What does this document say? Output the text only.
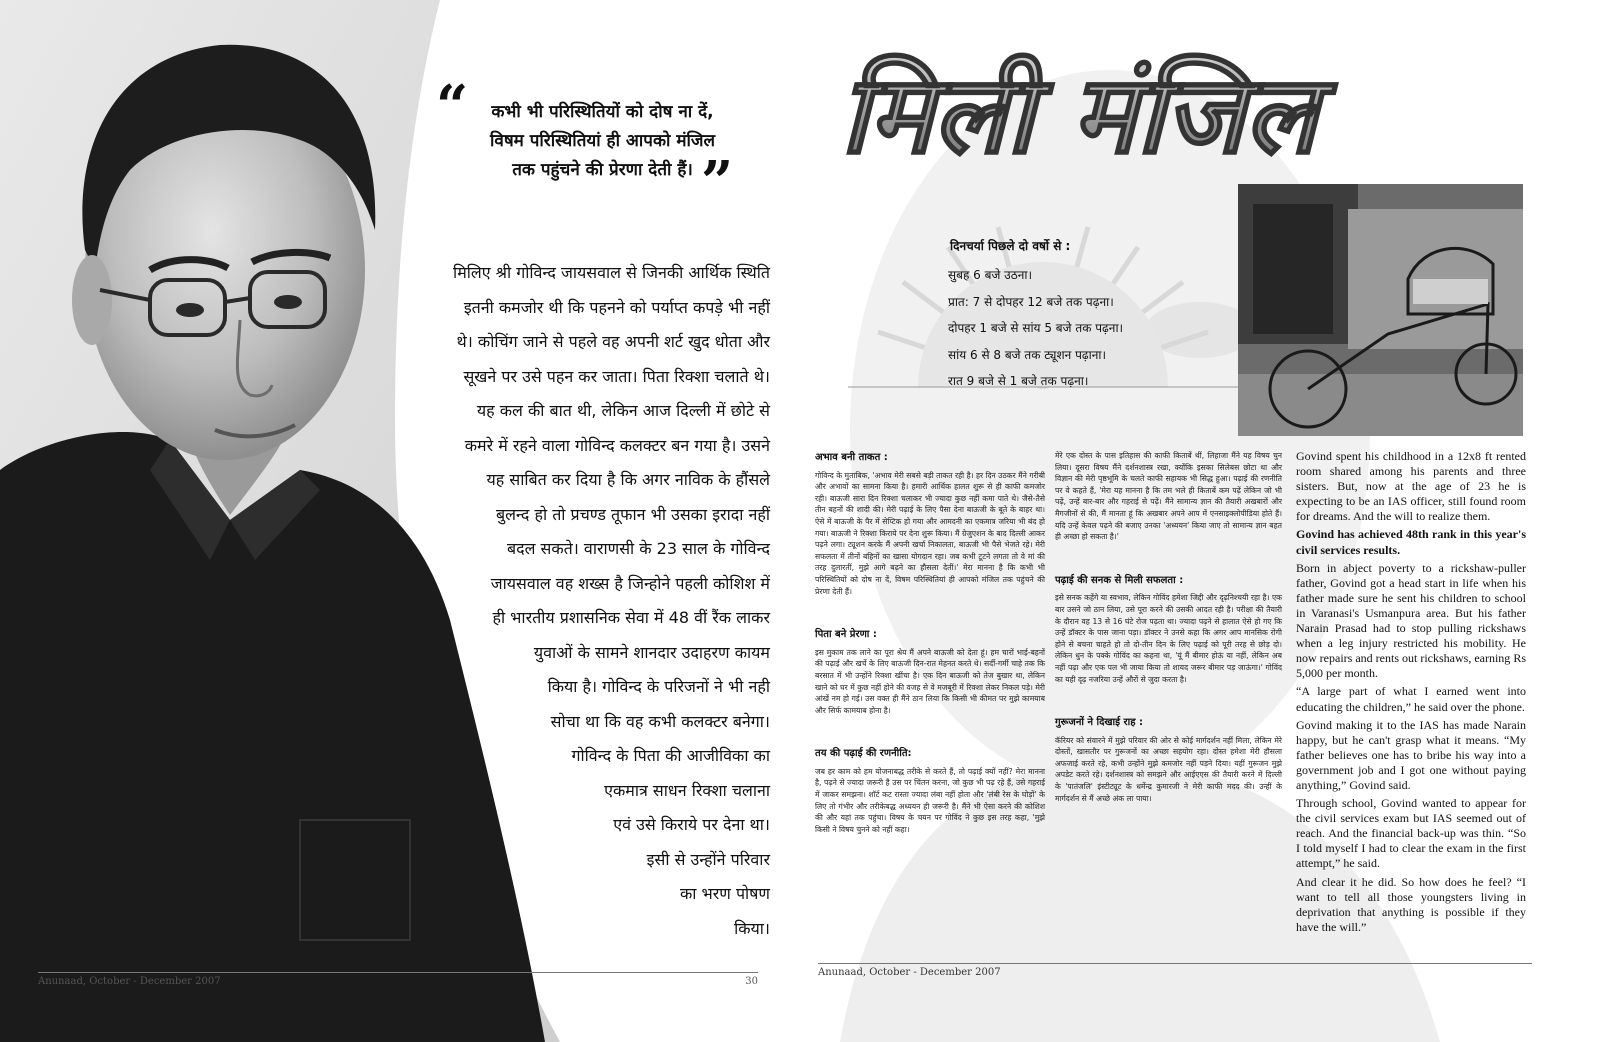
“	कभी भी परिस्थितियों को दोष ना दें,
विषम परिस्थितियां ही आपको मंजिल
तक पहुंचने की प्रेरणा देती हैं। ”
मिलिए श्री गोविन्द जायसवाल से जिनकी आर्थिक स्थिति
इतनी कमजोर थी कि पहनने को पर्याप्त कपड़े भी नहीं
थे। कोचिंग जाने से पहले वह अपनी शर्ट खुद धोता और
सूखने पर उसे पहन कर जाता। पिता रिक्शा चलाते थे।
यह कल की बात थी, लेकिन आज दिल्ली में छोटे से
कमरे में रहने वाला गोविन्द कलक्टर बन गया है। उसने
यह साबित कर दिया है कि अगर नाविक के हौंसले
बुलन्द हो तो प्रचण्ड तूफान भी उसका इरादा नहीं
बदल सकते। वाराणसी के 23 साल के गोविन्द
जायसवाल वह शख्स है जिन्होने पहली कोशिश में
ही भारतीय प्रशासनिक सेवा में 48 वीं रैंक लाकर
युवाओं के सामने शानदार उदाहरण कायम
किया है। गोविन्द के परिजनों ने भी नही
सोचा था कि वह कभी कलक्टर बनेगा।
गोविन्द के पिता की आजीविका का
एकमात्र साधन रिक्शा चलाना
एवं उसे किराये पर देना था।
इसी से उन्होंने परिवार
का भरण पोषण
किया।
Anunaad, October - December 2007	30
मिली मंजिल
दिनचर्या पिछले दो वर्षो से :
सुबह 6 बजे उठना।
प्रात: 7 से दोपहर 12 बजे तक पढ़ना।
दोपहर 1 बजे से सांय 5 बजे तक पढ़ना।
सांय 6 से 8 बजे तक ट्यूशन पढ़ाना।
रात 9 बजे से 1 बजे तक पढ़ना।
अभाव बनी ताकत :

गोविन्द के मुताबिक, 'अभाव मेरी सबसे बड़ी ताकत रही है। हर दिन उठकर मैंने गरीबी और अभावों का सामना किया है। हमारी आर्थिक हालत शुरू से ही काफी कमजोर रही। बाऊजी सारा दिन रिक्शा चलाकर भी ज्यादा कुछ नहीं कमा पाते थे। जैसे-तैसे तीन बहनों की शादी की। मेरी पढ़ाई के लिए पैसा देना बाऊजी के बूते के बाहर था। ऐसे में बाऊजी के पैर में सेप्टिक हो गया और आमदनी का एकमात्र जरिया भी बंद हो गया। बाऊजी ने रिक्शा किराये पर देना शुरू किया। मैं ग्रेजुएशन के बाद दिल्ली आकर पढ़ने लगा। ट्यूशन करके मैं अपनी खर्चा निकालता, बाऊजी भी पैसे भेजते रहे। मेरी सफलता में तीनों बहिनों का खासा योगदान रहा। जब कभी टूटने लगता तो वे मां की तरह दुलारतीं, मुझे आगे बढ़ने का हौसला देतीं।' मेरा मानना है कि कभी भी परिस्थितियों को दोष ना दें, विषम परिस्थितियां ही आपको मंजिल तक पहुंचने की प्रेरणा देती हैं।

पिता बने प्रेरणा :

इस मुकाम तक लाने का पूरा श्रेय मैं अपने बाऊजी को देता हूं। हम चारों भाई-बहनों की पढ़ाई और खर्चे के लिए बाऊजी दिन-रात मेहनत करते थे। सर्दी-गर्मी चाहे तक कि बरसात में भी उन्होंने रिक्शा खींचा है। एक दिन बाऊजी को तेज बुखार था, लेकिन खाने को घर में कुछ नहीं होने की वजह से वे मजबूरी में रिक्शा लेकर निकल पड़े। मेरी आंखें नम हो गई। उस वक्त ही मैंने ठान लिया कि किसी भी कीमत पर मुझे कामयाब और सिर्फ कामयाब होना है।

तय की पढ़ाई की रणनीति:

जब हर काम को हम योजनाबद्ध तरीके से करते हैं, तो पढ़ाई क्यों नहीं? मेरा मानना है, पढ़ने से ज्यादा जरूरी है उस पर चिंतन करना, जो कुछ भी पढ़ रहे हैं, उसे गहराई में जाकर समझना। शॉर्ट कट रास्ता ज्यादा लंबा नहीं होता और 'लंबी रेस के घोड़ों' के लिए तो गंभीर और तरीकेबद्ध अध्ययन ही जरूरी है। मैंने भी ऐसा करने की कोशिश की और यहां तक पहुंचा। विषय के चयन पर गोविंद ने कुछ इस तरह कहा, 'मुझे किसी ने विषय चुनने को नहीं कहा।

मेरे एक दोस्त के पास इतिहास की काफी किताबें थीं, लिहाजा मैंने यह विषय चुन लिया। दूसरा विषय मैंने दर्शनशास्त्र रखा, क्योंकि इसका सिलेबस छोटा था और विज्ञान की मेरी पृष्ठभूमि के चलते काफी सहायक भी सिद्ध हुआ। पढ़ाई की रणनीति पर वे कहते हैं, 'मेरा यह मानना है कि तम भले ही किताबें कम पढ़ें लेकिन जो भी पढ़ें, उन्हें बार-बार और गहराई से पढ़ें। मैंने सामान्य ज्ञान की तैयारी अखबारों और मैगजीनों से की, मैं मानता हूं कि अखबार अपने आप में एनसाइक्लोपीडिया होते हैं। यदि उन्हें केवल पढ़ने की बजाए उनका 'अध्ययन' किया जाए तो सामान्य ज्ञान बहत ही अच्छा हो सकता है।'

पढ़ाई की सनक से मिली सफलता :

इसे सनक कहेंगे या स्वभाव, लेकिन गोविंद हमेशा जिद्दी और दृढ़निश्चयी रहा है। एक बार उसने जो ठान लिया, उसे पूरा करने की उसकी आदत रही है। परीक्षा की तैयारी के दौरान वह 13 से 16 घंटे रोज पढ़ता था। ज्यादा पढ़ने से हालात ऐसे हो गए कि उन्हें डॉक्टर के पास जाना पड़ा। डॉक्टर ने उनसे कहा कि अगर आप मानसिक रोगी होने से बचना चाहते हो तो दो-तीन दिन के लिए पढ़ाई को पूरी तरह से छोड़ दो। लेकिन धुन के पक्के गोविंद का कहना था, 'यूं मैं बीमार होऊं या नहीं, लेकिन अब नहीं पढ़ा और एक पल भी जाया किया तो शायद जरूर बीमार पड़ जाऊंगा।' गोविंद का यही दृढ़ नजरिया उन्हें औरों से जुदा करता है।

गुरूजनों ने दिखाई राह :

कॅरियर को संवारने में मुझे परिवार की ओर से कोई मार्गदर्शन नहीं मिला, लेकिन मेरे दोस्तों, खासतौर पर गुरूजनों का अच्छा सहयोग रहा। दोस्त हमेशा मेरी हौसला अफजाई करते रहे, कभी उन्होंने मुझे कमजोर नहीं पड़ने दिया। यहीं गुरूजन मुझे अपडेट करते रहे। दर्शनशास्त्र को समझने और आईएएस की तैयारी करने में दिल्ली के 'पातंजलि' इंस्टीट्यूट के धर्मेन्द्र कुमारजी ने मेरी काफी मदद की। उन्हीं के मार्गदर्शन से मैं अच्छे अंक ला पाया।

Govind spent his childhood in a 12x8 ft rented room shared among his parents and three sisters. But, now at the age of 23 he is expecting to be an IAS officer, still found room for dreams. And the will to realize them.

Govind has achieved 48th rank in this year's civil services results.

Born in abject poverty to a rickshaw-puller father, Govind got a head start in life when his father made sure he sent his children to school in Varanasi's Usmanpura area. But his father Narain Prasad had to stop pulling rickshaws when a leg injury restricted his mobility. He now repairs and rents out rickshaws, earning Rs 5,000 per month.

“A large part of what I earned went into educating the children,” he said over the phone.

Govind making it to the IAS has made Narain happy, but he can't grasp what it means. “My father believes one has to bribe his way into a government job and I got one without paying anything,” Govind said.

Through school, Govind wanted to appear for the civil services exam but IAS seemed out of reach. And the financial back-up was thin. “So I told myself I had to clear the exam in the first attempt,” he said.

And clear it he did. So how does he feel? “I want to tell all those youngsters living in deprivation that anything is possible if they have the will.”

Anunaad, October - December 2007
